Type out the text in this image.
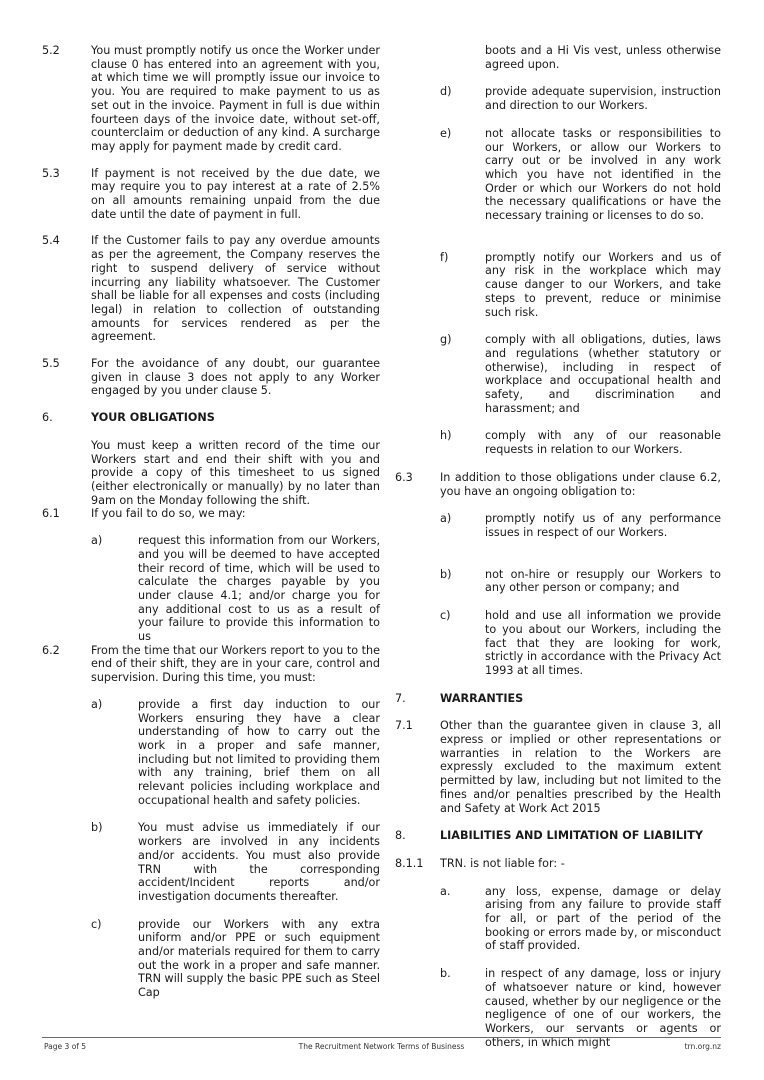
5.2	You must promptly notify us once the Worker under clause 0 has entered into an agreement with you, at which time we will promptly issue our invoice to you. You are required to make payment to us as set out in the invoice. Payment in full is due within fourteen days of the invoice date, without set-off, counterclaim or deduction of any kind. A surcharge may apply for payment made by credit card.
5.3	If payment is not received by the due date, we may require you to pay interest at a rate of 2.5% on all amounts remaining unpaid from the due date until the date of payment in full.
5.4	If the Customer fails to pay any overdue amounts as per the agreement, the Company reserves the right to suspend delivery of service without incurring any liability whatsoever. The Customer shall be liable for all expenses and costs (including legal) in relation to collection of outstanding amounts for services rendered as per the agreement.
5.5	For the avoidance of any doubt, our guarantee given in clause 3 does not apply to any Worker engaged by you under clause 5.
6.	YOUR OBLIGATIONS
You must keep a written record of the time our Workers start and end their shift with you and provide a copy of this timesheet to us signed (either electronically or manually) by no later than 9am on the Monday following the shift.
6.1	If you fail to do so, we may:
a)	request this information from our Workers, and you will be deemed to have accepted their record of time, which will be used to calculate the charges payable by you under clause 4.1; and/or charge you for any additional cost to us as a result of your failure to provide this information to us
6.2	From the time that our Workers report to you to the end of their shift, they are in your care, control and supervision. During this time, you must:
a)	provide a first day induction to our Workers ensuring they have a clear understanding of how to carry out the work in a proper and safe manner, including but not limited to providing them with any training, brief them on all relevant policies including workplace and occupational health and safety policies.
b)	You must advise us immediately if our workers are involved in any incidents and/or accidents. You must also provide TRN with the corresponding accident/Incident reports and/or investigation documents thereafter.
c)	provide our Workers with any extra uniform and/or PPE or such equipment and/or materials required for them to carry out the work in a proper and safe manner. TRN will supply the basic PPE such as Steel Cap
boots and a Hi Vis vest, unless otherwise agreed upon.
d)	provide adequate supervision, instruction and direction to our Workers.
e)	not allocate tasks or responsibilities to our Workers, or allow our Workers to carry out or be involved in any work which you have not identified in the Order or which our Workers do not hold the necessary qualifications or have the necessary training or licenses to do so.
f)	promptly notify our Workers and us of any risk in the workplace which may cause danger to our Workers, and take steps to prevent, reduce or minimise such risk.
g)	comply with all obligations, duties, laws and regulations (whether statutory or otherwise), including in respect of workplace and occupational health and safety, and discrimination and harassment; and
h)	comply with any of our reasonable requests in relation to our Workers.
6.3 In addition to those obligations under clause 6.2, you have an ongoing obligation to:
a)	promptly notify us of any performance issues in respect of our Workers.
b)	not on-hire or resupply our Workers to any other person or company; and
c)	hold and use all information we provide to you about our Workers, including the fact that they are looking for work, strictly in accordance with the Privacy Act 1993 at all times.
7.	WARRANTIES
7.1 Other than the guarantee given in clause 3, all express or implied or other representations or warranties in relation to the Workers are expressly excluded to the maximum extent permitted by law, including but not limited to the fines and/or penalties prescribed by the Health and Safety at Work Act 2015
8.	LIABILITIES AND LIMITATION OF LIABILITY
8.1.1 TRN. is not liable for: -
a.	any loss, expense, damage or delay arising from any failure to provide staff for all, or part of the period of the booking or errors made by, or misconduct of staff provided.
b.	in respect of any damage, loss or injury of whatsoever nature or kind, however caused, whether by our negligence or the negligence of one of our workers, the Workers, our servants or agents or others, in which might
Page 3 of 5	The Recruitment Network Terms of Business	trn.org.nz
